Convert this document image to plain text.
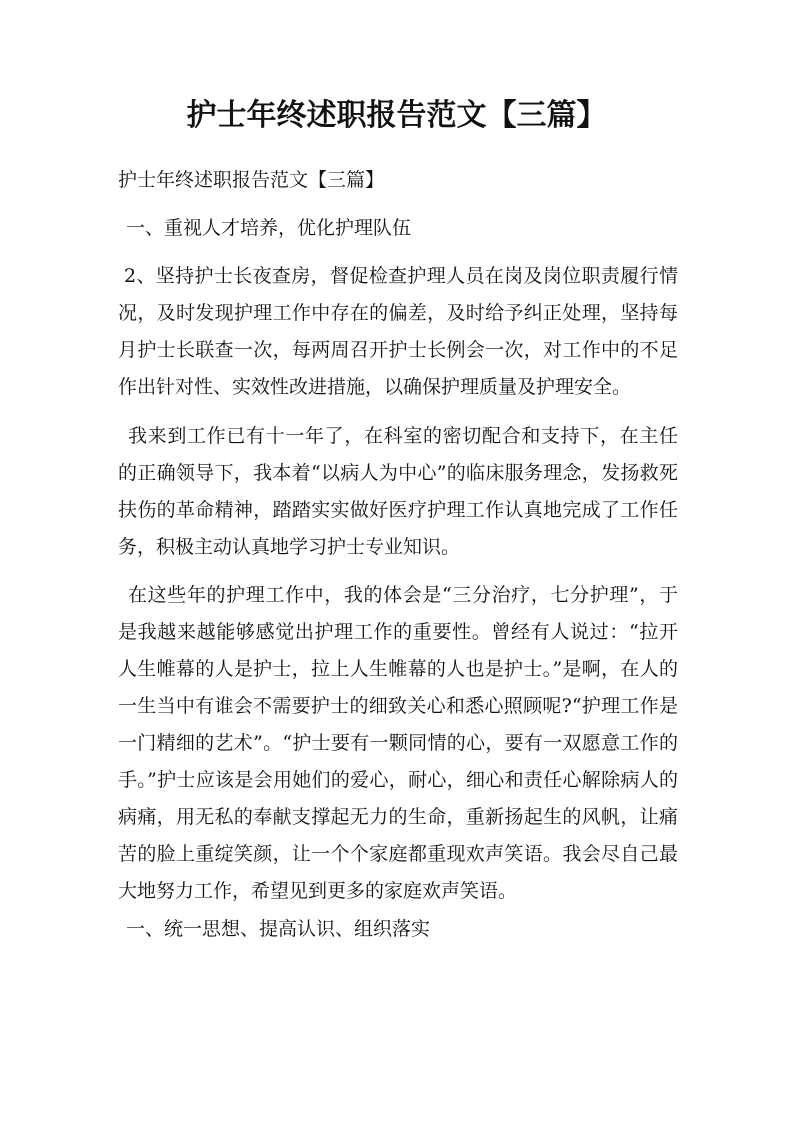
护士年终述职报告范文【三篇】

护士年终述职报告范文【三篇】

一、重视人才培养，优化护理队伍

2、坚持护士长夜查房，督促检查护理人员在岗及岗位职责履行情况，及时发现护理工作中存在的偏差，及时给予纠正处理，坚持每月护士长联查一次，每两周召开护士长例会一次，对工作中的不足作出针对性、实效性改进措施，以确保护理质量及护理安全。

我来到工作已有十一年了，在科室的密切配合和支持下，在主任的正确领导下，我本着“以病人为中心”的临床服务理念，发扬救死扶伤的革命精神，踏踏实实做好医疗护理工作认真地完成了工作任务，积极主动认真地学习护士专业知识。

在这些年的护理工作中，我的体会是“三分治疗，七分护理”，于是我越来越能够感觉出护理工作的重要性。曾经有人说过：“拉开人生帷幕的人是护士，拉上人生帷幕的人也是护士。”是啊，在人的一生当中有谁会不需要护士的细致关心和悉心照顾呢?“护理工作是一门精细的艺术”。“护士要有一颗同情的心，要有一双愿意工作的手。”护士应该是会用她们的爱心，耐心，细心和责任心解除病人的病痛，用无私的奉献支撑起无力的生命，重新扬起生的风帆，让痛苦的脸上重绽笑颜，让一个个家庭都重现欢声笑语。我会尽自己最大地努力工作，希望见到更多的家庭欢声笑语。

一、统一思想、提高认识、组织落实
